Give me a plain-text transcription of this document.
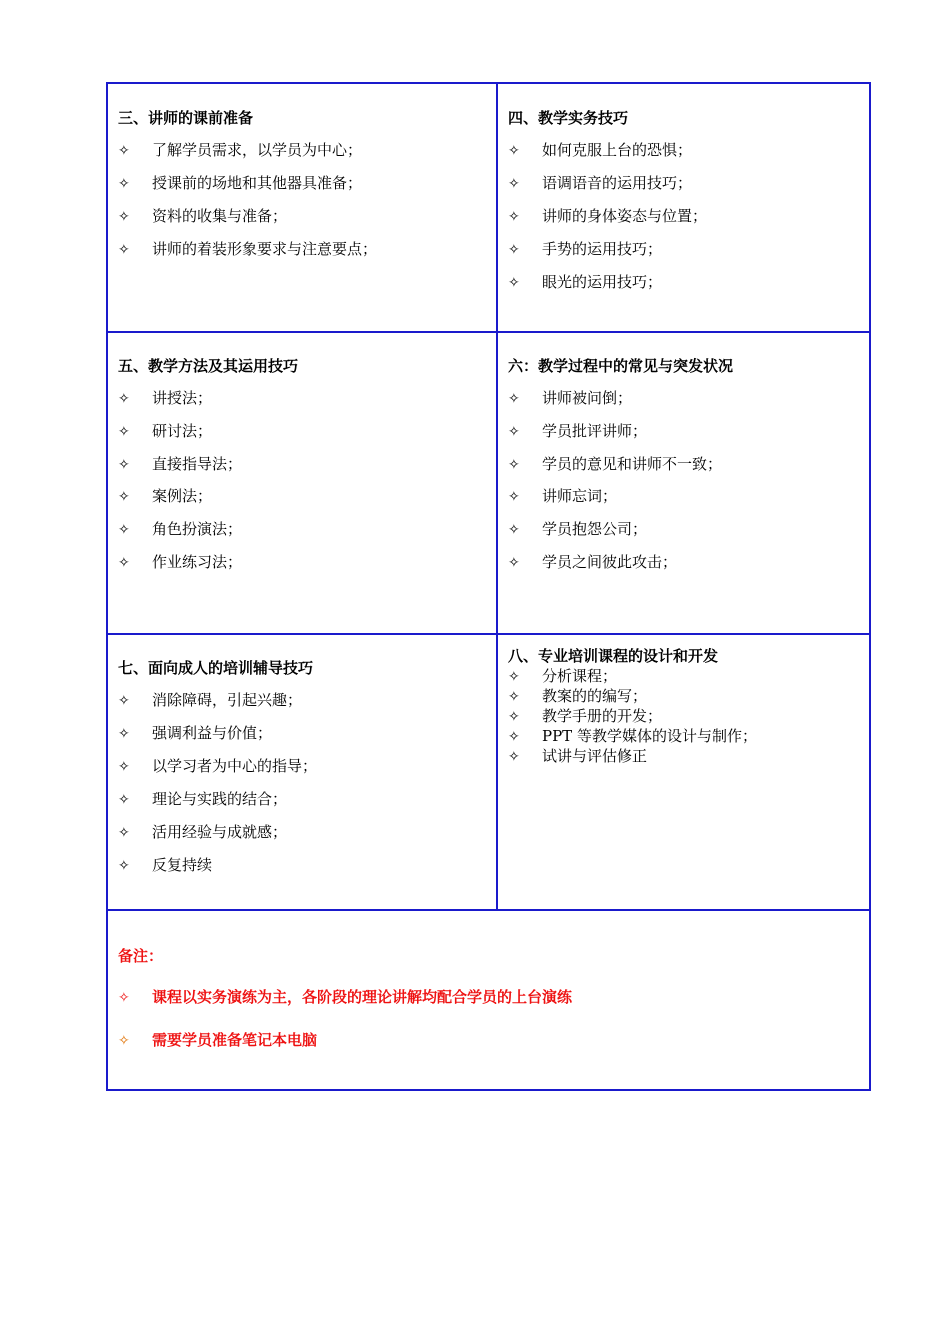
三、讲师的课前准备
✧ 了解学员需求，以学员为中心；
✧ 授课前的场地和其他器具准备；
✧ 资料的收集与准备；
✧ 讲师的着装形象要求与注意要点；
四、教学实务技巧
✧ 如何克服上台的恐惧；
✧ 语调语音的运用技巧；
✧ 讲师的身体姿态与位置；
✧ 手势的运用技巧；
✧ 眼光的运用技巧；
五、教学方法及其运用技巧
✧ 讲授法；
✧ 研讨法；
✧ 直接指导法；
✧ 案例法；
✧ 角色扮演法；
✧ 作业练习法；
六：教学过程中的常见与突发状况
✧ 讲师被问倒；
✧ 学员批评讲师；
✧ 学员的意见和讲师不一致；
✧ 讲师忘词；
✧ 学员抱怨公司；
✧ 学员之间彼此攻击；
七、面向成人的培训辅导技巧
✧ 消除障碍，引起兴趣；
✧ 强调利益与价值；
✧ 以学习者为中心的指导；
✧ 理论与实践的结合；
✧ 活用经验与成就感；
✧ 反复持续
八、专业培训课程的设计和开发
✧ 分析课程；
✧ 教案的的编写；
✧ 教学手册的开发；
✧ PPT 等教学媒体的设计与制作；
✧ 试讲与评估修正
备注：
✧ 课程以实务演练为主，各阶段的理论讲解均配合学员的上台演练
✧ 需要学员准备笔记本电脑
